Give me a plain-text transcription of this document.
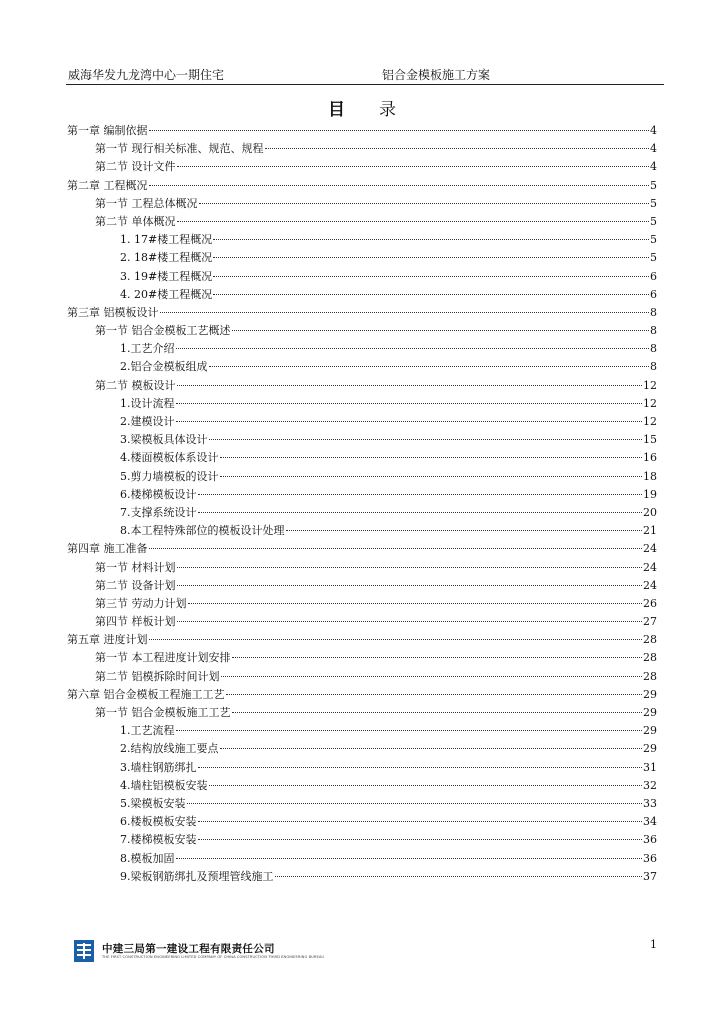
威海华发九龙湾中心一期住宅	铝合金模板施工方案
目 录
第一章 编制依据	4
第一节 现行相关标准、规范、规程	4
第二节 设计文件	4
第二章 工程概况	5
第一节 工程总体概况	5
第二节 单体概况	5
1. 17#楼工程概况	5
2. 18#楼工程概况	5
3. 19#楼工程概况	6
4. 20#楼工程概况	6
第三章 铝模板设计	8
第一节 铝合金模板工艺概述	8
1.工艺介绍	8
2.铝合金模板组成	8
第二节 模板设计	12
1.设计流程	12
2.建模设计	12
3.梁模板具体设计	15
4.楼面模板体系设计	16
5.剪力墙模板的设计	18
6.楼梯模板设计	19
7.支撑系统设计	20
8.本工程特殊部位的模板设计处理	21
第四章 施工准备	24
第一节 材料计划	24
第二节 设备计划	24
第三节 劳动力计划	26
第四节 样板计划	27
第五章 进度计划	28
第一节 本工程进度计划安排	28
第二节 铝模拆除时间计划	28
第六章 铝合金模板工程施工工艺	29
第一节 铝合金模板施工工艺	29
1.工艺流程	29
2.结构放线施工要点	29
3.墙柱钢筋绑扎	31
4.墙柱铝模板安装	32
5.梁模板安装	33
6.楼板模板安装	34
7.楼梯模板安装	36
8.模板加固	36
9.梁板钢筋绑扎及预埋管线施工	37
中建三局第一建设工程有限责任公司
THE FIRST CONSTRUCTION ENGINEERING LIMITED COMPANY OF CHINA CONSTRUCTION THIRD ENGINEERING BUREAU
1
